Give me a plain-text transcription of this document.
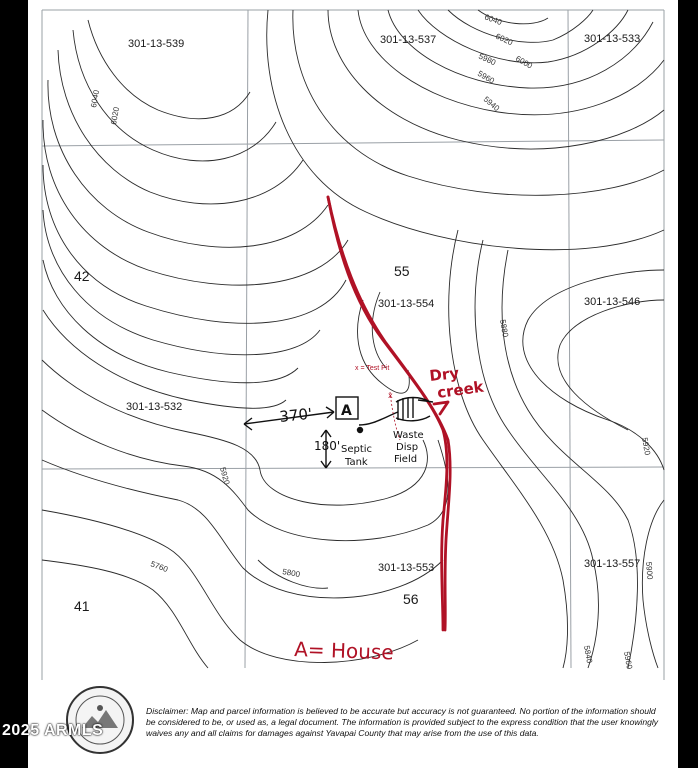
301-13-539	301-13-537	301-13-533
301-13-554	301-13-546
301-13-532
301-13-553	301-13-557
42	55
41	56
6040
6020
6000
5980
5960
5940
6040
6020
5880
5920
5920
5800
5760	5900
5840	5960
x = Test Pit
x
Dry
creek
370'
180'
A
Septic
Tank
Waste
Disp
Field
A= House

Disclaimer: Map and parcel information is believed to be accurate but accuracy is not guaranteed. No portion of the information should be considered to be, or used as, a legal document. The information is provided subject to the express condition that the user knowingly waives any and all claims for damages against Yavapai County that may arise from the use of this data.

2025 ARMLS
